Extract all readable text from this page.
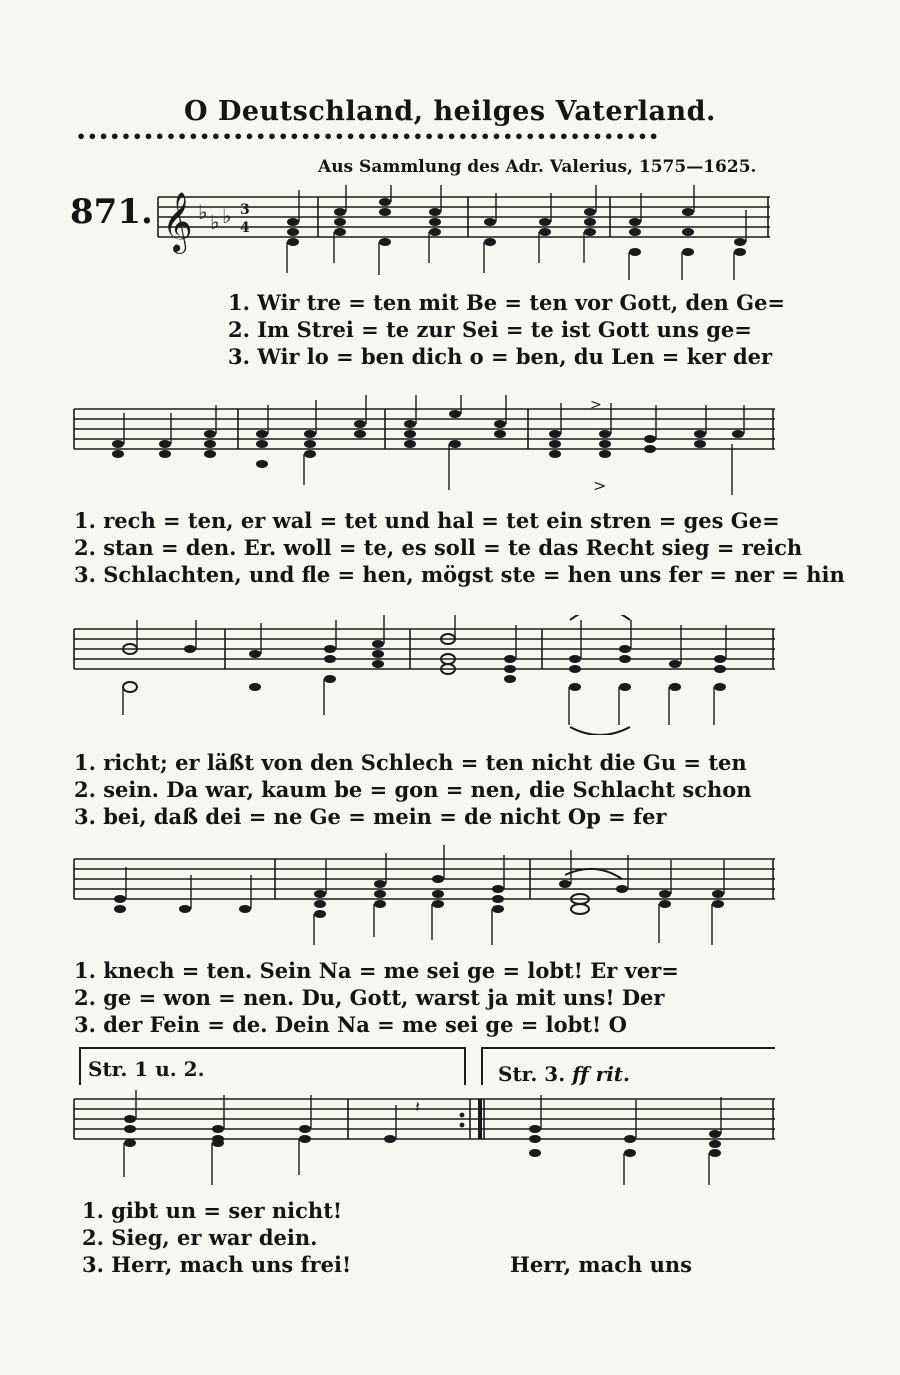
O Deutschland, heilges Vaterland.
••••••••••••••••••••••••••••••••••••••••••••••••••••
Aus Sammlung des Adr. Valerius, 1575—1625.
871. 𝄞 ♭ ♭ ♭ 3
4
1. Wir tre = ten mit Be = ten vor Gott, den Ge=
2. Im Strei = te zur Sei = te ist Gott uns ge=
3. Wir lo = ben dich o = ben, du Len = ker der
>
>
1. rech = ten, er wal = tet und hal = tet ein stren = ges Ge=
2. stan = den. Er. woll = te, es soll = te das Recht sieg = reich
3. Schlachten, und fle = hen, mögst ste = hen uns fer = ner = hin
1. richt; er läßt von den Schlech = ten nicht die Gu = ten
2. sein. Da war, kaum be = gon = nen, die Schlacht schon
3. bei, daß dei = ne Ge = mein = de nicht Op = fer
1. knech = ten. Sein Na = me sei ge = lobt! Er ver=
2. ge = won = nen. Du, Gott, warst ja mit uns! Der
3. der Fein = de. Dein Na = me sei ge = lobt! O
Str. 1 u. 2.	Str. 3. ff rit.
𝄽
1. gibt un = ser nicht!
2. Sieg, er war dein.
3. Herr, mach uns frei!	Herr, mach uns
